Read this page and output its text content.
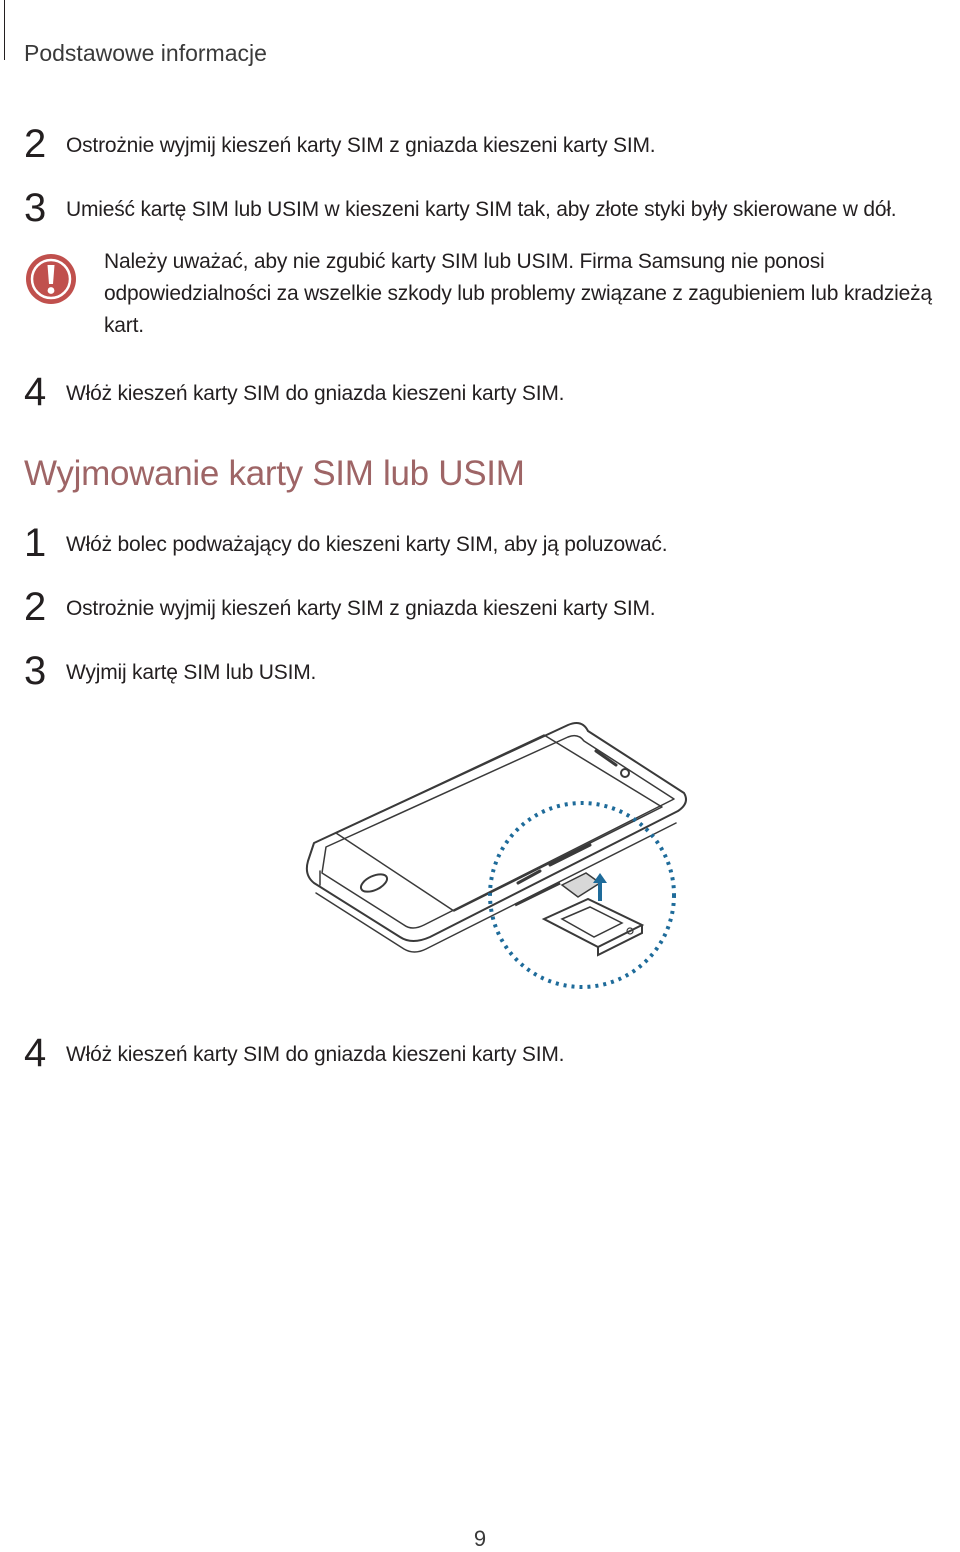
Podstawowe informacje
2 Ostrożnie wyjmij kieszeń karty SIM z gniazda kieszeni karty SIM.
3 Umieść kartę SIM lub USIM w kieszeni karty SIM tak, aby złote styki były skierowane w dół.
Należy uważać, aby nie zgubić karty SIM lub USIM. Firma Samsung nie ponosi odpowiedzialności za wszelkie szkody lub problemy związane z zagubieniem lub kradzieżą kart.
4 Włóż kieszeń karty SIM do gniazda kieszeni karty SIM.
Wyjmowanie karty SIM lub USIM
1 Włóż bolec podważający do kieszeni karty SIM, aby ją poluzować.
2 Ostrożnie wyjmij kieszeń karty SIM z gniazda kieszeni karty SIM.
3 Wyjmij kartę SIM lub USIM.
4 Włóż kieszeń karty SIM do gniazda kieszeni karty SIM.
9
